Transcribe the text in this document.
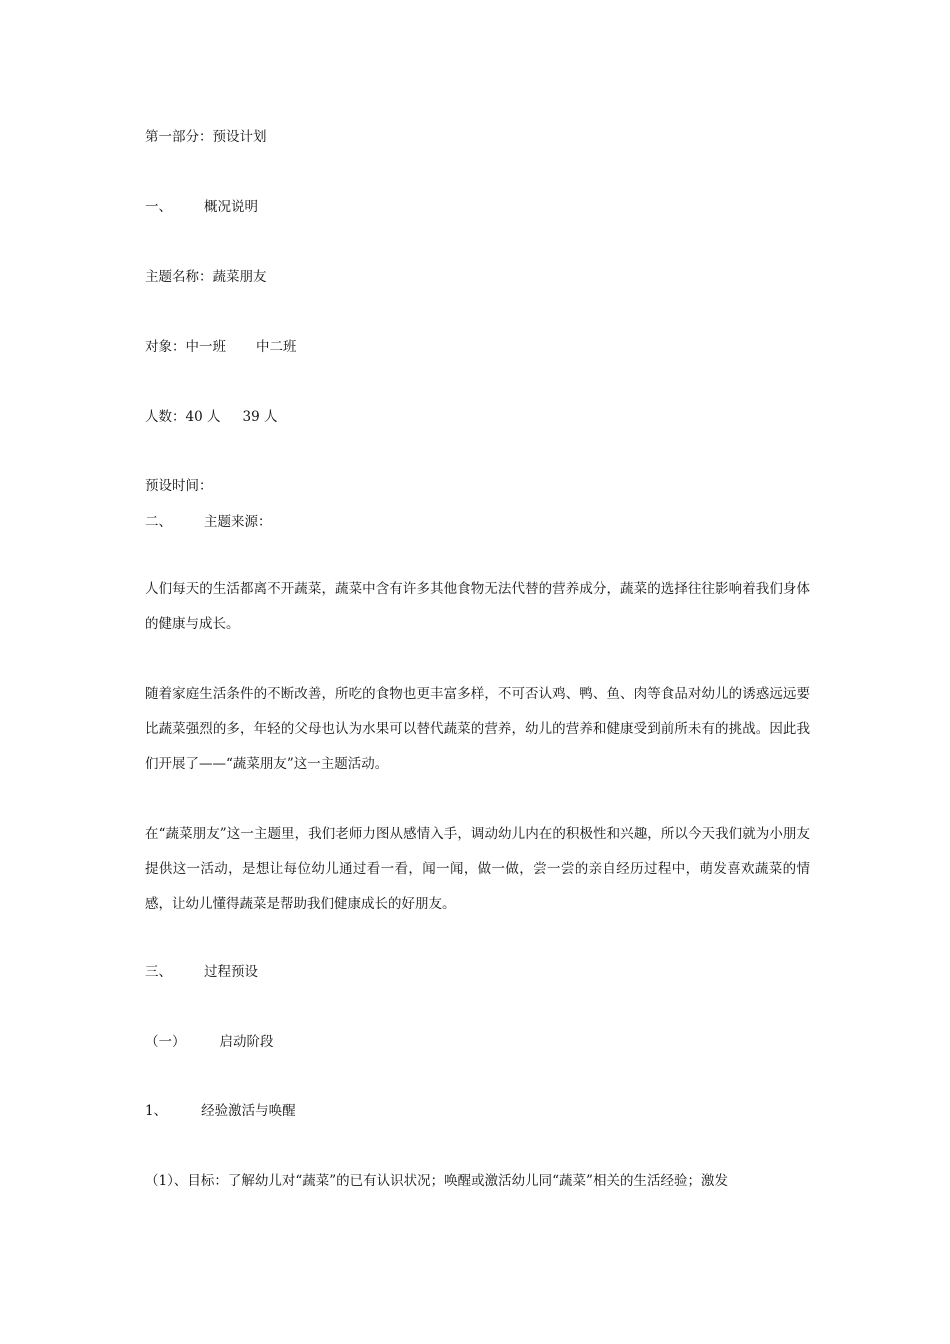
第一部分：预设计划
一、 概况说明
主题名称：蔬菜朋友
对象：中一班 中二班
人数：40 人 39 人
预设时间：
二、 主题来源：
人们每天的生活都离不开蔬菜，蔬菜中含有许多其他食物无法代替的营养成分，蔬菜的选择往往影响着我们身体的健康与成长。
随着家庭生活条件的不断改善，所吃的食物也更丰富多样，不可否认鸡、鸭、鱼、肉等食品对幼儿的诱惑远远要比蔬菜强烈的多，年轻的父母也认为水果可以替代蔬菜的营养，幼儿的营养和健康受到前所未有的挑战。因此我们开展了——“蔬菜朋友”这一主题活动。
在“蔬菜朋友”这一主题里，我们老师力图从感情入手，调动幼儿内在的积极性和兴趣，所以今天我们就为小朋友提供这一活动，是想让每位幼儿通过看一看，闻一闻，做一做，尝一尝的亲自经历过程中，萌发喜欢蔬菜的情感，让幼儿懂得蔬菜是帮助我们健康成长的好朋友。
三、 过程预设
（一）	启动阶段
1、	经验激活与唤醒
（1）、目标：了解幼儿对“蔬菜”的已有认识状况；唤醒或激活幼儿同“蔬菜”相关的生活经验；激发
